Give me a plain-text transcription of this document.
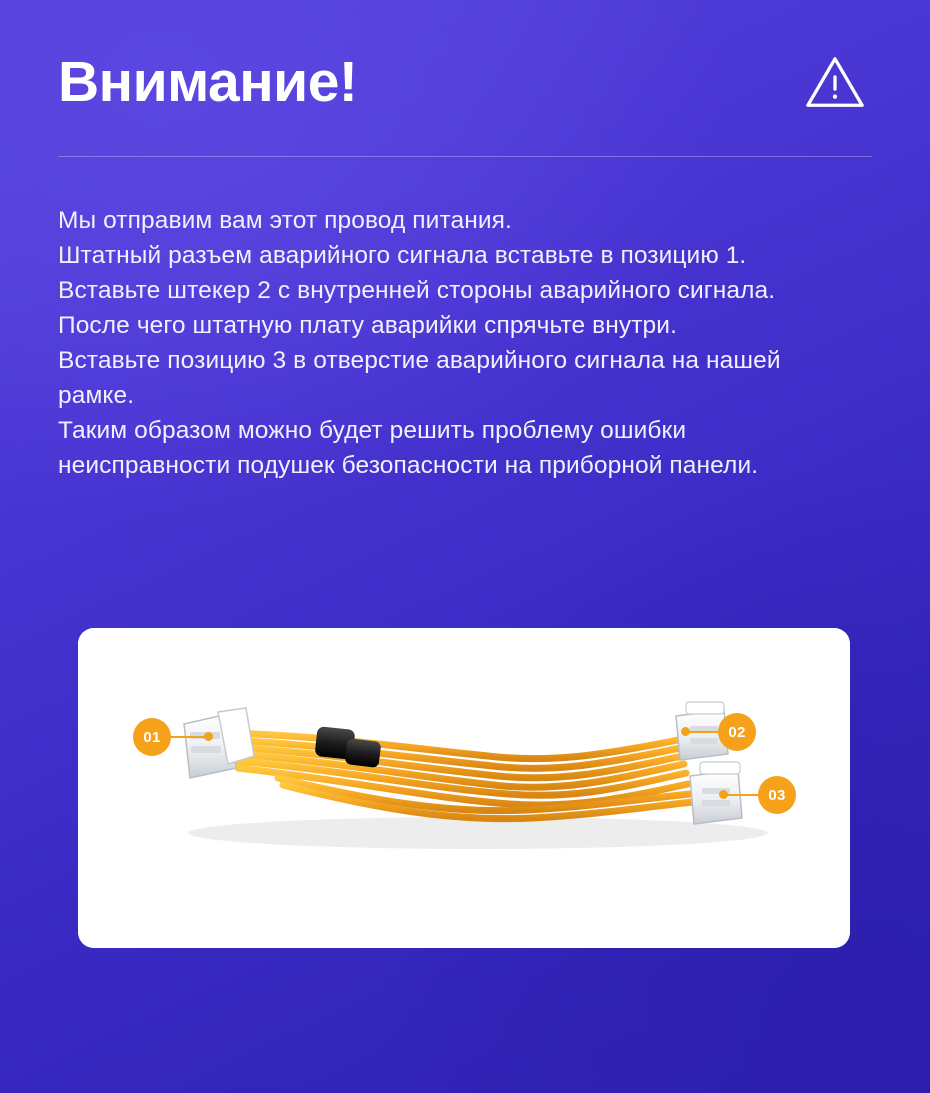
Внимание!

Мы отправим вам этот провод питания.

Штатный разъем аварийного сигнала вставьте в позицию 1.

Вставьте штекер 2 с внутренней стороны аварийного сигнала. После чего штатную плату аварийки спрячьте внутри.

Вставьте позицию 3 в отверстие аварийного сигнала на нашей рамке.

Таким образом можно будет решить проблему ошибки неисправности подушек безопасности на приборной панели.

01	02
03
